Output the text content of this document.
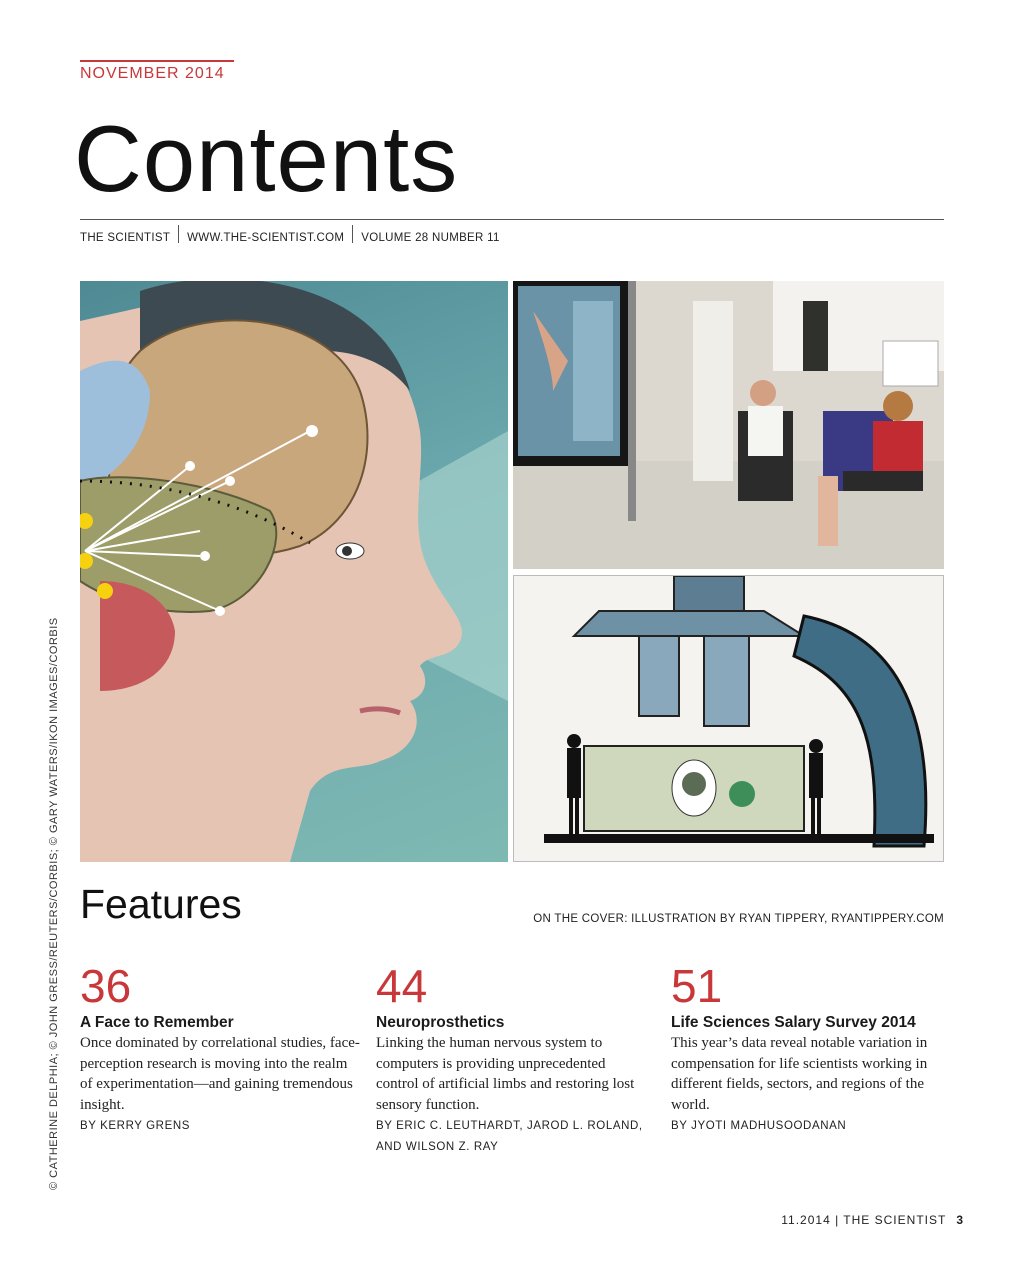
NOVEMBER 2014
Contents
THE SCIENTIST WWW.THE-SCIENTIST.COM VOLUME 28 NUMBER 11
© CATHERINE DELPHIA; © JOHN GRESS/REUTERS/CORBIS; © GARY WATERS/IKON IMAGES/CORBIS Features	ON THE COVER: ILLUSTRATION BY RYAN TIPPERY, RYANTIPPERY.COM
36
A Face to Remember
Once dominated by correlational studies, face-perception research is moving into the realm of experimentation—and gaining tremendous insight.
BY KERRY GRENS
44
Neuroprosthetics
Linking the human nervous system to computers is providing unprecedented control of artificial limbs and restoring lost sensory function.
BY ERIC C. LEUTHARDT, JAROD L. ROLAND, AND WILSON Z. RAY
51
Life Sciences Salary Survey 2014
This year’s data reveal notable variation in compensation for life scientists working in different fields, sectors, and regions of the world.
BY JYOTI MADHUSOODANAN
11.2014 | THE SCIENTIST 3
